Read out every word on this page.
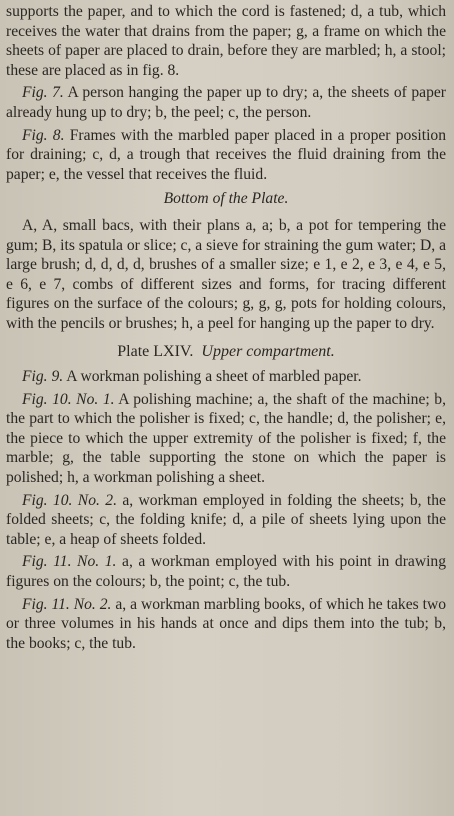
supports the paper, and to which the cord is fastened; d, a tub, which receives the water that drains from the paper; g, a frame on which the sheets of paper are placed to drain, before they are marbled; h, a stool; these are placed as in fig. 8.

Fig. 7. A person hanging the paper up to dry; a, the sheets of paper already hung up to dry; b, the peel; c, the person.

Fig. 8. Frames with the marbled paper placed in a proper position for draining; c, d, a trough that receives the fluid draining from the paper; e, the vessel that receives the fluid.

Bottom of the Plate.

A, A, small bacs, with their plans a, a; b, a pot for tempering the gum; B, its spatula or slice; c, a sieve for straining the gum water; D, a large brush; d, d, d, d, brushes of a smaller size; e 1, e 2, e 3, e 4, e 5, e 6, e 7, combs of different sizes and forms, for tracing different figures on the surface of the colours; g, g, g, pots for holding colours, with the pencils or brushes; h, a peel for hanging up the paper to dry.

Plate LXIV. Upper compartment.

Fig. 9. A workman polishing a sheet of marbled paper.

Fig. 10. No. 1. A polishing machine; a, the shaft of the machine; b, the part to which the polisher is fixed; c, the handle; d, the polisher; e, the piece to which the upper extremity of the polisher is fixed; f, the marble; g, the table supporting the stone on which the paper is polished; h, a workman polishing a sheet.

Fig. 10. No. 2. a, workman employed in folding the sheets; b, the folded sheets; c, the folding knife; d, a pile of sheets lying upon the table; e, a heap of sheets folded.

Fig. 11. No. 1. a, a workman employed with his point in drawing figures on the colours; b, the point; c, the tub.

Fig. 11. No. 2. a, a workman marbling books, of which he takes two or three volumes in his hands at once and dips them into the tub; b, the books; c, the tub.
